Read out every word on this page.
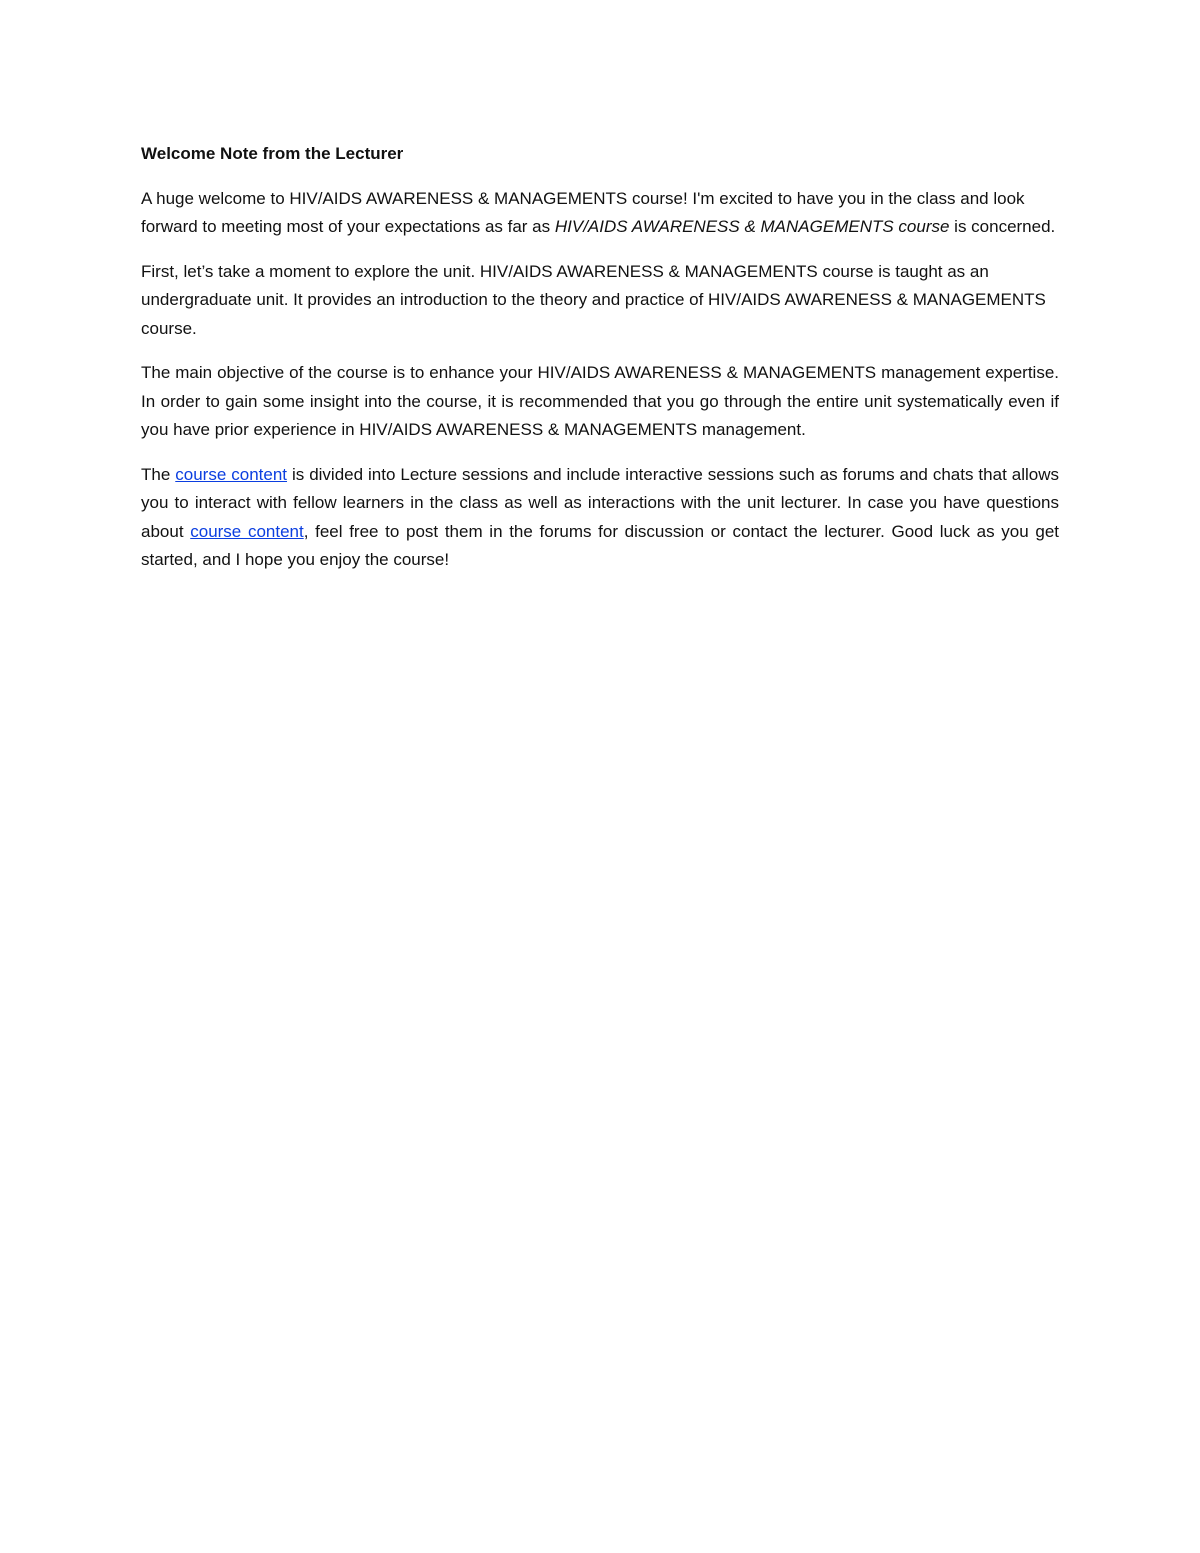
Welcome Note from the Lecturer

A huge welcome to HIV/AIDS AWARENESS & MANAGEMENTS course! I'm excited to have you in the class and look forward to meeting most of your expectations as far as HIV/AIDS AWARENESS & MANAGEMENTS course is concerned.

First, let’s take a moment to explore the unit. HIV/AIDS AWARENESS & MANAGEMENTS course is taught as an undergraduate unit. It provides an introduction to the theory and practice of HIV/AIDS AWARENESS & MANAGEMENTS course.

The main objective of the course is to enhance your HIV/AIDS AWARENESS & MANAGEMENTS management expertise. In order to gain some insight into the course, it is recommended that you go through the entire unit systematically even if you have prior experience in HIV/AIDS AWARENESS & MANAGEMENTS management.

The course content is divided into Lecture sessions and include interactive sessions such as forums and chats that allows you to interact with fellow learners in the class as well as interactions with the unit lecturer. In case you have questions about course content, feel free to post them in the forums for discussion or contact the lecturer. Good luck as you get started, and I hope you enjoy the course!
